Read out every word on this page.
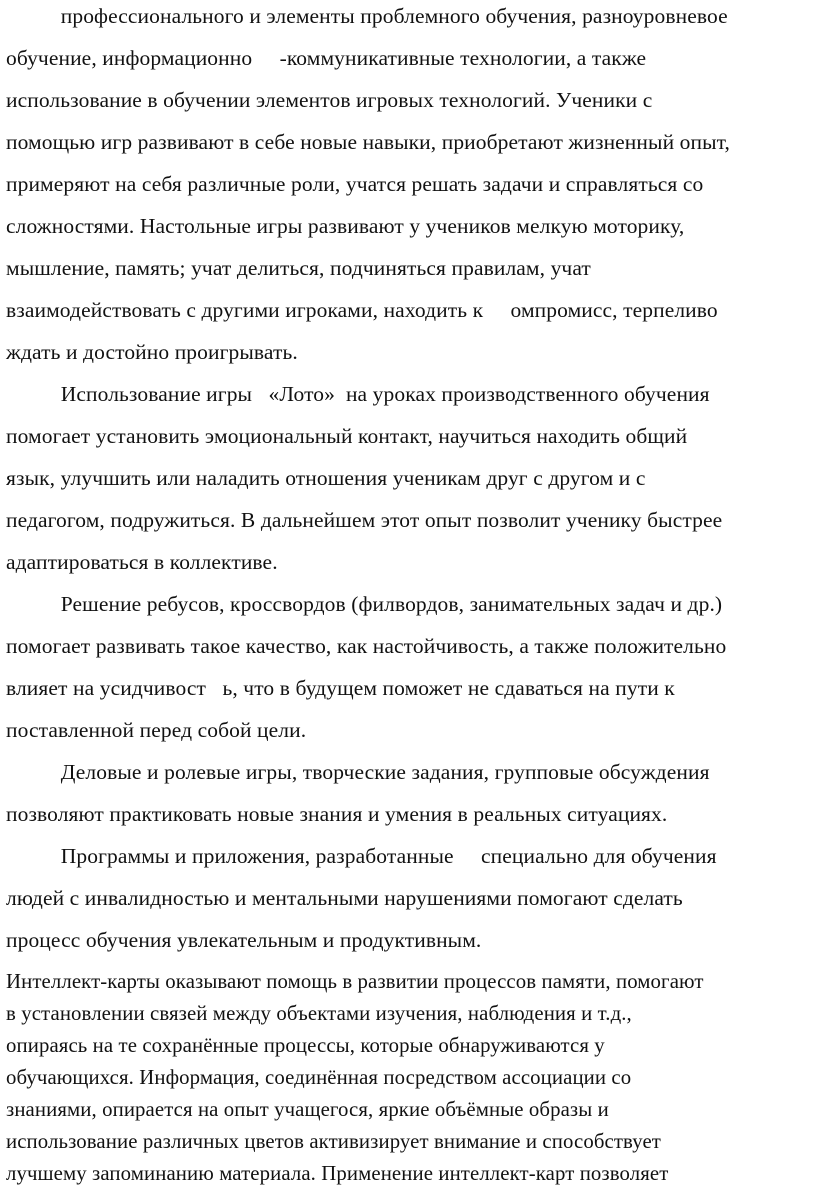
профессионального и элементы проблемного обучения, разноуровневое
обучение, информационно     -коммуникативные технологии, а также
использование в обучении элементов игровых технологий. Ученики с
помощью игр развивают в себе новые навыки, приобретают жизненный опыт,
примеряют на себя различные роли, учатся решать задачи и справляться со
сложностями. Настольные игры развивают у учеников мелкую моторику,
мышление, память; учат делиться, подчиняться правилам, учат
взаимодействовать с другими игроками, находить к     омпромисс, терпеливо
ждать и достойно проигрывать.
Использование игры   «Лото»  на уроках производственного обучения
помогает установить эмоциональный контакт, научиться находить общий
язык, улучшить или наладить отношения ученикам друг с другом и с
педагогом, подружиться. В дальнейшем этот опыт позволит ученику быстрее
адаптироваться в коллективе.
Решение ребусов, кроссвордов (филвордов, занимательных задач и др.)
помогает развивать такое качество, как настойчивость, а также положительно
влияет на усидчивост   ь, что в будущем поможет не сдаваться на пути к
поставленной перед собой цели.
Деловые и ролевые игры, творческие задания, групповые обсуждения
позволяют практиковать новые знания и умения в реальных ситуациях.
Программы и приложения, разработанные     специально для обучения
людей с инвалидностью и ментальными нарушениями помогают сделать
процесс обучения увлекательным и продуктивным.
Интеллект-карты оказывают помощь в развитии процессов памяти, помогают
в установлении связей между объектами изучения, наблюдения и т.д.,
опираясь на те сохранённые процессы, которые обнаруживаются у
обучающихся. Информация, соединённая посредством ассоциации со
знаниями, опирается на опыт учащегося, яркие объёмные образы и
использование различных цветов активизирует внимание и способствует
лучшему запоминанию материала. Применение интеллект-карт позволяет
